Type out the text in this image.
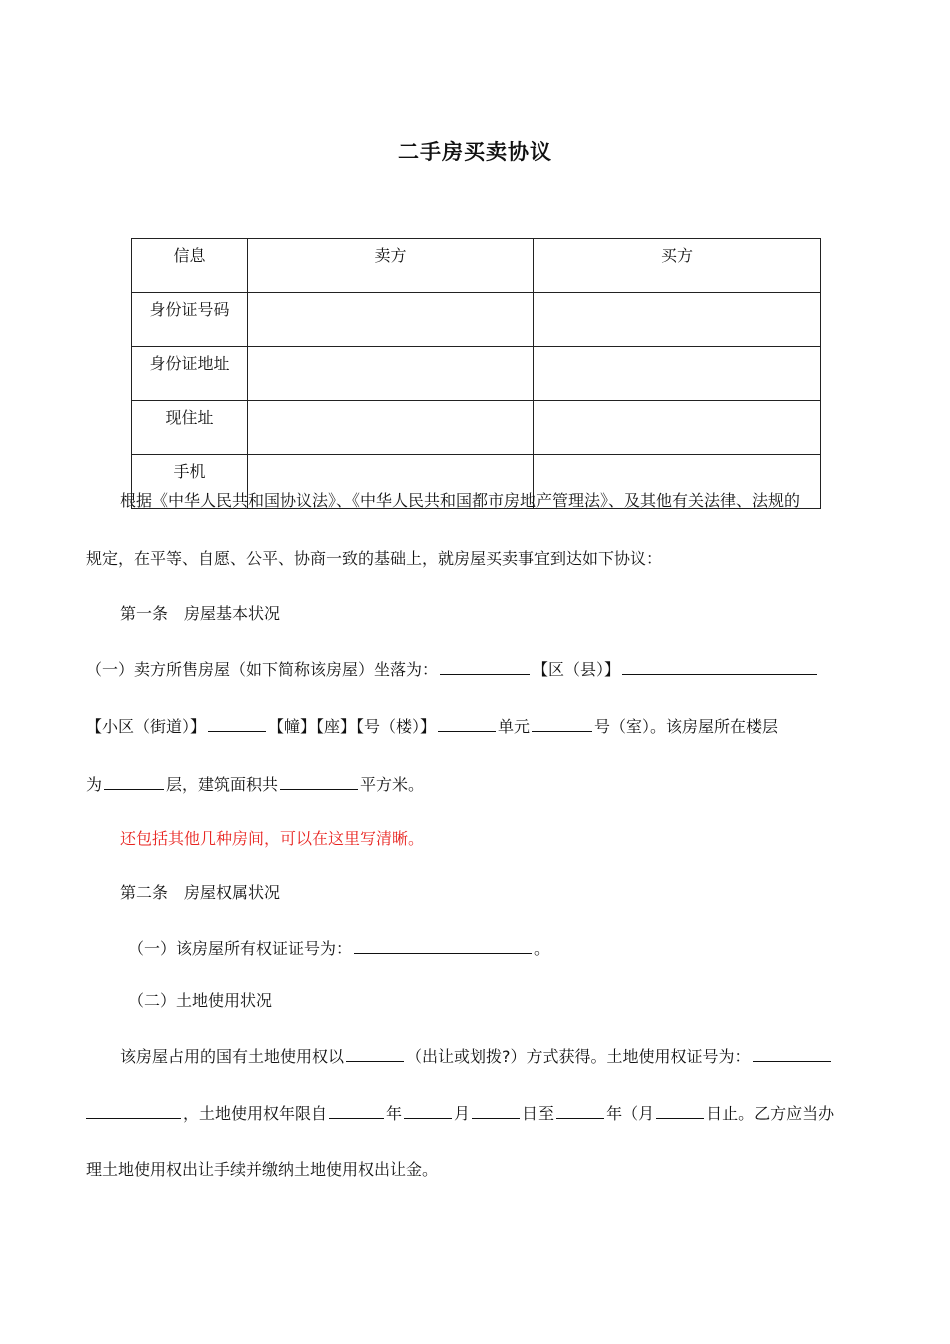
二手房买卖协议
信息	卖方	买方
身份证号码		
身份证地址		
现住址		
手机		
根据《中华人民共和国协议法》、《中华人民共和国都市房地产管理法》、及其他有关法律、法规的
规定，在平等、自愿、公平、协商一致的基础上，就房屋买卖事宜到达如下协议：
第一条　房屋基本状况
（一）卖方所售房屋（如下简称该房屋）坐落为：	【区（县）】
【小区（街道）】	【幢】【座】【号（楼）】	单元	号（室）。该房屋所在楼层
为	层，建筑面积共	平方米。
还包括其他几种房间，可以在这里写清晰。
第二条　房屋权属状况
（一）该房屋所有权证证号为：	。
（二）土地使用状况
该房屋占用的国有土地使用权以	（出让或划拨?）方式获得。土地使用权证号为：
，土地使用权年限自	年	月	日至	年（月	日止。乙方应当办
理土地使用权出让手续并缴纳土地使用权出让金。
